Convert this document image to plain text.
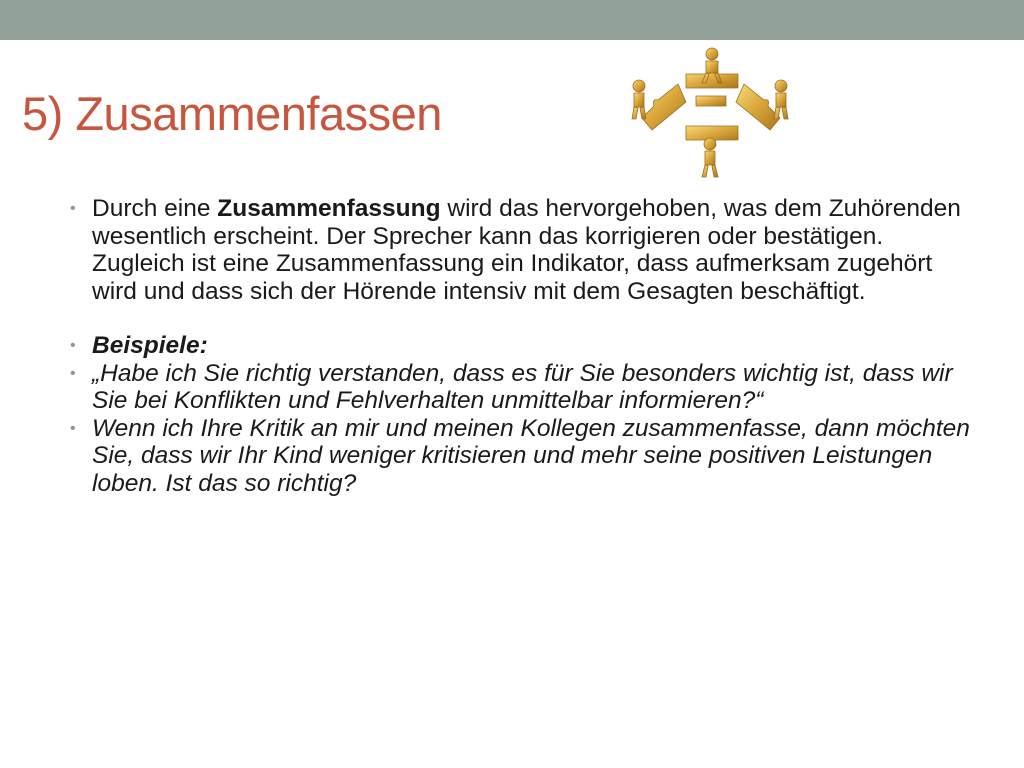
5) Zusammenfassen
• Durch eine Zusammenfassung wird das hervorgehoben, was dem Zuhörenden wesentlich erscheint. Der Sprecher kann das korrigieren oder bestätigen. Zugleich ist eine Zusammenfassung ein Indikator, dass aufmerksam zugehört wird und dass sich der Hörende intensiv mit dem Gesagten beschäftigt.
• Beispiele:
• „Habe ich Sie richtig verstanden, dass es für Sie besonders wichtig ist, dass wir Sie bei Konflikten und Fehlverhalten unmittelbar informieren?“
• Wenn ich Ihre Kritik an mir und meinen Kollegen zusammenfasse, dann möchten Sie, dass wir Ihr Kind weniger kritisieren und mehr seine positiven Leistungen loben. Ist das so richtig?
